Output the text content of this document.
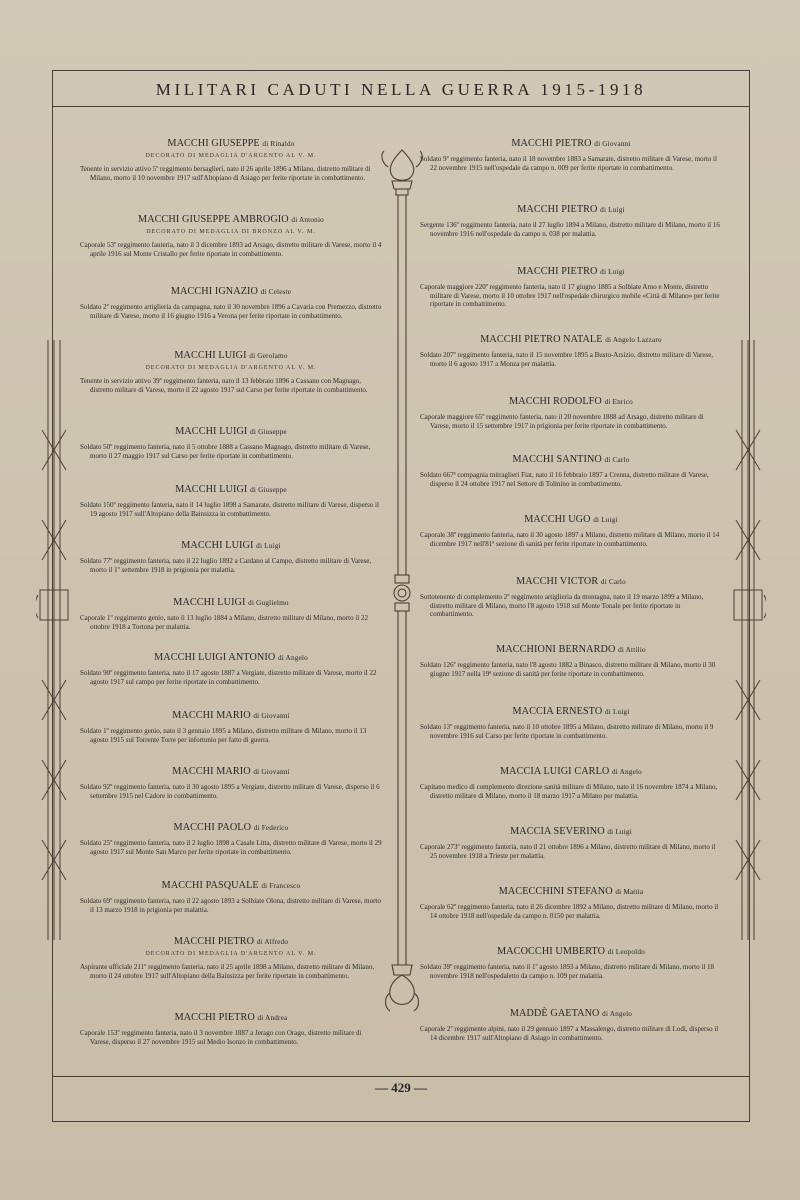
MILITARI CADUTI NELLA GUERRA 1915-1918
— 429 —

MACCHI GIUSEPPE di Rinaldo

DECORATO DI MEDAGLIA D'ARGENTO AL V. M.

Tenente in servizio attivo 5º reggimento bersaglieri, nato il 26 aprile 1896 a Milano, distretto militare di Milano, morto il 10 novembre 1917 sull'Altopiano di Asiago per ferite riportate in combattimento.

MACCHI GIUSEPPE AMBROGIO di Antonio

DECORATO DI MEDAGLIA DI BRONZO AL V. M.

Caporale 53º reggimento fanteria, nato il 3 dicembre 1893 ad Arsago, distretto militare di Varese, morto il 4 aprile 1916 sul Monte Cristallo per ferite riportate in combattimento.

MACCHI IGNAZIO di Celeste

Soldato 2º reggimento artiglieria da campagna, nato il 30 novembre 1896 a Cavaria con Premezzo, distretto militare di Varese, morto il 16 giugno 1916 a Verona per ferite riportate in combattimento.

MACCHI LUIGI di Gerolamo

DECORATO DI MEDAGLIA D'ARGENTO AL V. M.

Tenente in servizio attivo 39º reggimento fanteria, nato il 13 febbraio 1896 a Cassano con Magnago, distretto militare di Varese, morto il 22 agosto 1917 sul Carso per ferite riportate in combattimento.

MACCHI LUIGI di Giuseppe

Soldato 50º reggimento fanteria, nato il 5 ottobre 1888 a Cassano Magnago, distretto militare di Varese, morto il 27 maggio 1917 sul Carso per ferite riportate in combattimento.

MACCHI LUIGI di Giuseppe

Soldato 150º reggimento fanteria, nato il 14 luglio 1898 a Samarate, distretto militare di Varese, disperso il 19 agosto 1917 sull'Altopiano della Bainsizza in combattimento.

MACCHI LUIGI di Luigi

Soldato 77º reggimento fanteria, nato il 22 luglio 1892 a Cardano al Campo, distretto militare di Varese, morto il 1º settembre 1918 in prigionia per malattia.

MACCHI LUIGI di Guglielmo

Caporale 1º reggimento genio, nato il 13 luglio 1884 a Milano, distretto militare di Milano, morto il 22 ottobre 1918 a Tortona per malattia.

MACCHI LUIGI ANTONIO di Angelo

Soldato 90º reggimento fanteria, nato il 17 agosto 1887 a Vergiate, distretto militare di Varese, morto il 22 agosto 1917 sul campo per ferite riportate in combattimento.

MACCHI MARIO di Giovanni

Soldato 1º reggimento genio, nato il 3 gennaio 1895 a Milano, distretto militare di Milano, morto il 13 agosto 1915 sul Torrente Torre per infortunio per fatto di guerra.

MACCHI MARIO di Giovanni

Soldato 92º reggimento fanteria, nato il 30 agosto 1895 a Vergiate, distretto militare di Varese, disperso il 6 settembre 1915 nel Cadore in combattimento.

MACCHI PAOLO di Federico

Soldato 25º reggimento fanteria, nato il 2 luglio 1898 a Casale Litta, distretto militare di Varese, morto il 29 agosto 1917 sul Monte San Marco per ferite riportate in combattimento.

MACCHI PASQUALE di Francesco

Soldato 69º reggimento fanteria, nato il 22 agosto 1893 a Solbiate Olona, distretto militare di Varese, morto il 13 marzo 1918 in prigionia per malattia.

MACCHI PIETRO di Alfredo

DECORATO DI MEDAGLIA D'ARGENTO AL V. M.

Aspirante ufficiale 211º reggimento fanteria, nato il 25 aprile 1898 a Milano, distretto militare di Milano, morto il 24 ottobre 1917 sull'Altopiano della Bainsizza per ferite riportate in combattimento.

MACCHI PIETRO di Andrea

Caporale 153º reggimento fanteria, nato il 3 novembre 1887 a Jerago con Orago, distretto militare di Varese, disperso il 27 novembre 1915 sul Medio Isonzo in combattimento.

MACCHI PIETRO di Giovanni

Soldato 9º reggimento fanteria, nato il 18 novembre 1883 a Samarate, distretto militare di Varese, morto il 22 novembre 1915 nell'ospedale da campo n. 009 per ferite riportate in combattimento.

MACCHI PIETRO di Luigi

Sergente 136º reggimento fanteria, nato il 27 luglio 1894 a Milano, distretto militare di Milano, morto il 16 novembre 1916 nell'ospedale da campo n. 038 per malattia.

MACCHI PIETRO di Luigi

Caporale maggiore 220º reggimento fanteria, nato il 17 giugno 1885 a Solbiate Arno e Monte, distretto militare di Varese, morto il 10 ottobre 1917 nell'ospedale chirurgico mobile «Città di Milano» per ferite riportate in combattimento.

MACCHI PIETRO NATALE di Angelo Lazzaro

Soldato 207º reggimento fanteria, nato il 15 novembre 1895 a Busto-Arsizio, distretto militare di Varese, morto il 6 agosto 1917 a Monza per malattia.

MACCHI RODOLFO di Enrico

Caporale maggiore 65º reggimento fanteria, nato il 20 novembre 1888 ad Arsago, distretto militare di Varese, morto il 15 settembre 1917 in prigionia per ferite riportate in combattimento.

MACCHI SANTINO di Carlo

Soldato 667ª compagnia mitraglieri Fiat, nato il 16 febbraio 1897 a Crenna, distretto militare di Varese, disperso il 24 ottobre 1917 nel Settore di Tolmino in combattimento.

MACCHI UGO di Luigi

Caporale 38º reggimento fanteria, nato il 30 agosto 1897 a Milano, distretto militare di Milano, morto il 14 dicembre 1917 nell'81ª sezione di sanità per ferite riportate in combattimento.

MACCHI VICTOR di Carlo

Sottotenente di complemento 2º reggimento artiglieria da montagna, nato il 19 marzo 1899 a Milano, distretto militare di Milano, morto l'8 agosto 1918 sul Monte Tonale per ferite riportate in combattimento.

MACCHIONI BERNARDO di Attilio

Soldato 126º reggimento fanteria, nato l'8 agosto 1882 a Binasco, distretto militare di Milano, morto il 30 giugno 1917 nella 19ª sezione di sanità per ferite riportate in combattimento.

MACCIA ERNESTO di Luigi

Soldato 13º reggimento fanteria, nato il 10 ottobre 1895 a Milano, distretto militare di Milano, morto il 9 novembre 1916 sul Carso per ferite riportate in combattimento.

MACCIA LUIGI CARLO di Angelo

Capitano medico di complemento direzione sanità militare di Milano, nato il 16 novembre 1874 a Milano, distretto militare di Milano, morto il 18 marzo 1917 a Milano per malattia.

MACCIA SEVERINO di Luigi

Caporale 273º reggimento fanteria, nato il 21 ottobre 1896 a Milano, distretto militare di Milano, morto il 25 novembre 1918 a Trieste per malattia.

MACECCHINI STEFANO di Mattia

Caporale 62º reggimento fanteria, nato il 26 dicembre 1892 a Milano, distretto militare di Milano, morto il 14 ottobre 1918 nell'ospedale da campo n. 0150 per malattia.

MACOCCHI UMBERTO di Leopoldo

Soldato 39º reggimento fanteria, nato il 1º agosto 1893 a Milano, distretto militare di Milano, morto il 18 novembre 1918 nell'ospedaletto da campo n. 109 per malattia.

MADDÈ GAETANO di Angelo

Caporale 2º reggimento alpini, nato il 29 gennaio 1897 a Massalengo, distretto militare di Lodi, disperso il 14 dicembre 1917 sull'Altopiano di Asiago in combattimento.
